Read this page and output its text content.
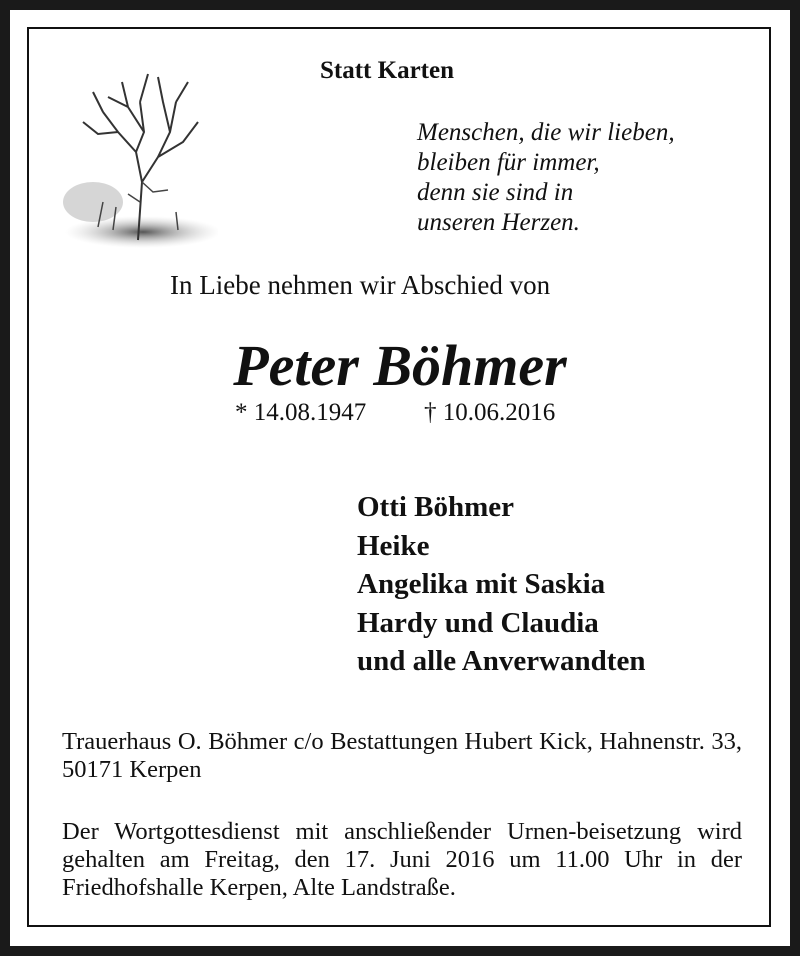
Statt Karten
Menschen, die wir lieben,
bleiben für immer,
denn sie sind in
unseren Herzen.
In Liebe nehmen wir Abschied von
Peter Böhmer
* 14.08.1947 † 10.06.2016
Otti Böhmer
Heike
Angelika mit Saskia
Hardy und Claudia
und alle Anverwandten
Trauerhaus O. Böhmer c/o Bestattungen Hubert Kick, Hahnenstr. 33, 50171 Kerpen
Der Wortgottesdienst mit anschließender Urnen-beisetzung wird gehalten am Freitag, den 17. Juni 2016 um 11.00 Uhr in der Friedhofshalle Kerpen, Alte Landstraße.
